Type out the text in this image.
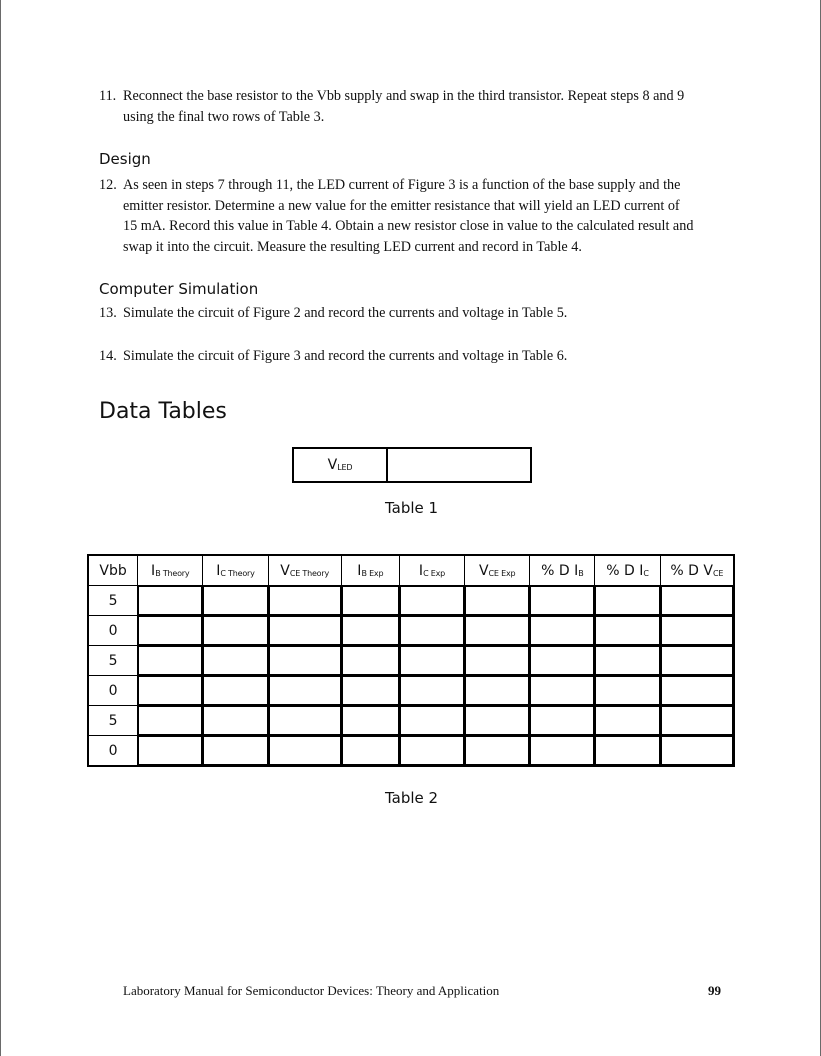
11. Reconnect the base resistor to the Vbb supply and swap in the third transistor. Repeat steps 8 and 9
using the final two rows of Table 3.
Design
12. As seen in steps 7 through 11, the LED current of Figure 3 is a function of the base supply and the
emitter resistor. Determine a new value for the emitter resistance that will yield an LED current of
15 mA. Record this value in Table 4. Obtain a new resistor close in value to the calculated result and
swap it into the circuit. Measure the resulting LED current and record in Table 4.
Computer Simulation
13. Simulate the circuit of Figure 2 and record the currents and voltage in Table 5.
14. Simulate the circuit of Figure 3 and record the currents and voltage in Table 6.
Data Tables
$V_{LED}$
Table 1
Vbb	$I_{B Theory}$	$I_{C Theory}$	$V_{CE Theory}$	$I_{B Exp}$	$I_{C Exp}$	$V_{CE Exp}$	% D $I_B$	% D $I_C$	% D $V_{CE}$
5									
0									
5									
0									
5									
0									
Table 2
Laboratory Manual for Semiconductor Devices: Theory and Application	99
